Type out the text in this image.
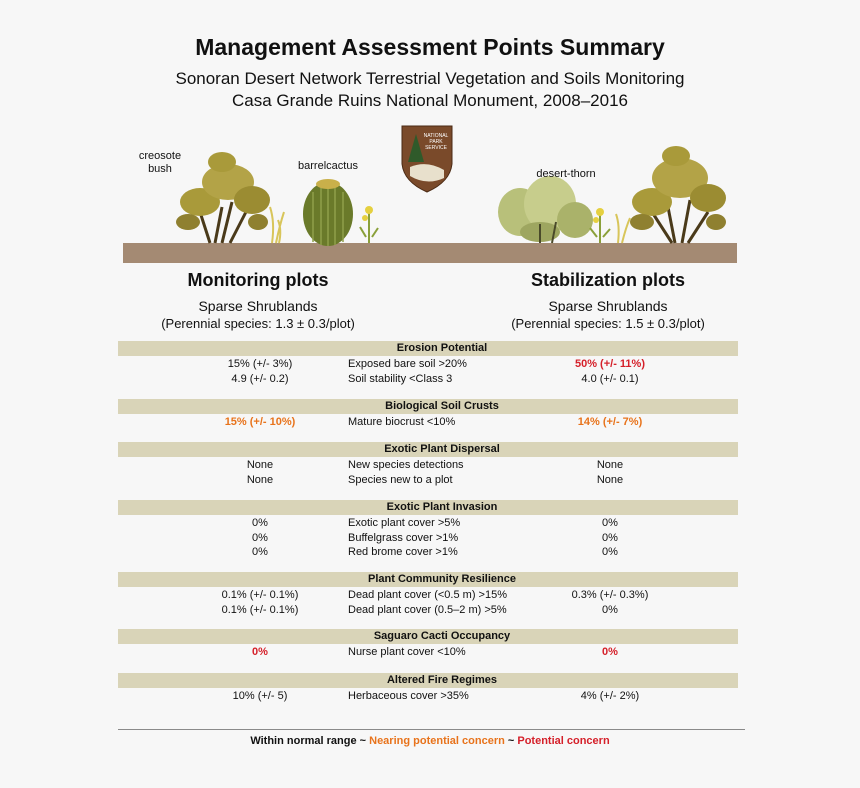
Management Assessment Points Summary
Sonoran Desert Network Terrestrial Vegetation and Soils Monitoring
Casa Grande Ruins National Monument, 2008–2016
NATIONAL
PARK
SERVICE
creosote
bush	barrelcactus
desert-thorn
Monitoring plots
Sparse Shrublands
(Perennial species: 1.3 ± 0.3/plot)
Stabilization plots
Sparse Shrublands
(Perennial species: 1.5 ± 0.3/plot)
Erosion Potential
15% (+/- 3%)	Exposed bare soil >20%	50% (+/- 11%)
4.9 (+/- 0.2)	Soil stability <Class 3	4.0 (+/- 0.1)
Biological Soil Crusts
15% (+/- 10%)	Mature biocrust <10%	14% (+/- 7%)
Exotic Plant Dispersal
None	New species detections	None
None	Species new to a plot	None
Exotic Plant Invasion
0%	Exotic plant cover >5%	0%
0%	Buffelgrass cover >1%	0%
0%	Red brome cover >1%	0%
Plant Community Resilience
0.1% (+/- 0.1%)	Dead plant cover (<0.5 m) >15%	0.3% (+/- 0.3%)
0.1% (+/- 0.1%)	Dead plant cover (0.5–2 m) >5%	0%
Saguaro Cacti Occupancy
0%	Nurse plant cover <10%	0%
Altered Fire Regimes
10% (+/- 5)	Herbaceous cover >35%	4% (+/- 2%)
Within normal range ~ Nearing potential concern ~ Potential concern
